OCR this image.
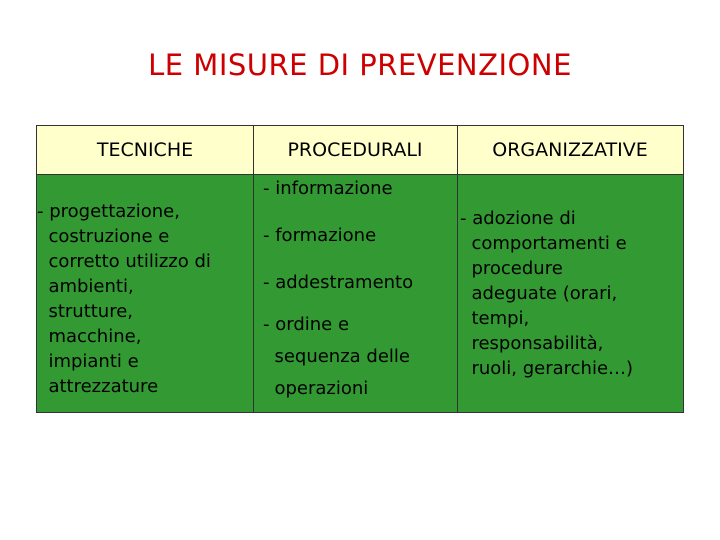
LE MISURE DI PREVENZIONE
TECNICHE	PROCEDURALI	ORGANIZZATIVE
- progettazione,
costruzione e
corretto utilizzo di
ambienti,
strutture,
macchine,
impianti e
attrezzature
- informazione
- formazione
- addestramento
- ordine e
sequenza delle
operazioni
- adozione di
comportamenti e
procedure
adeguate (orari,
tempi,
responsabilità,
ruoli, gerarchie…)
